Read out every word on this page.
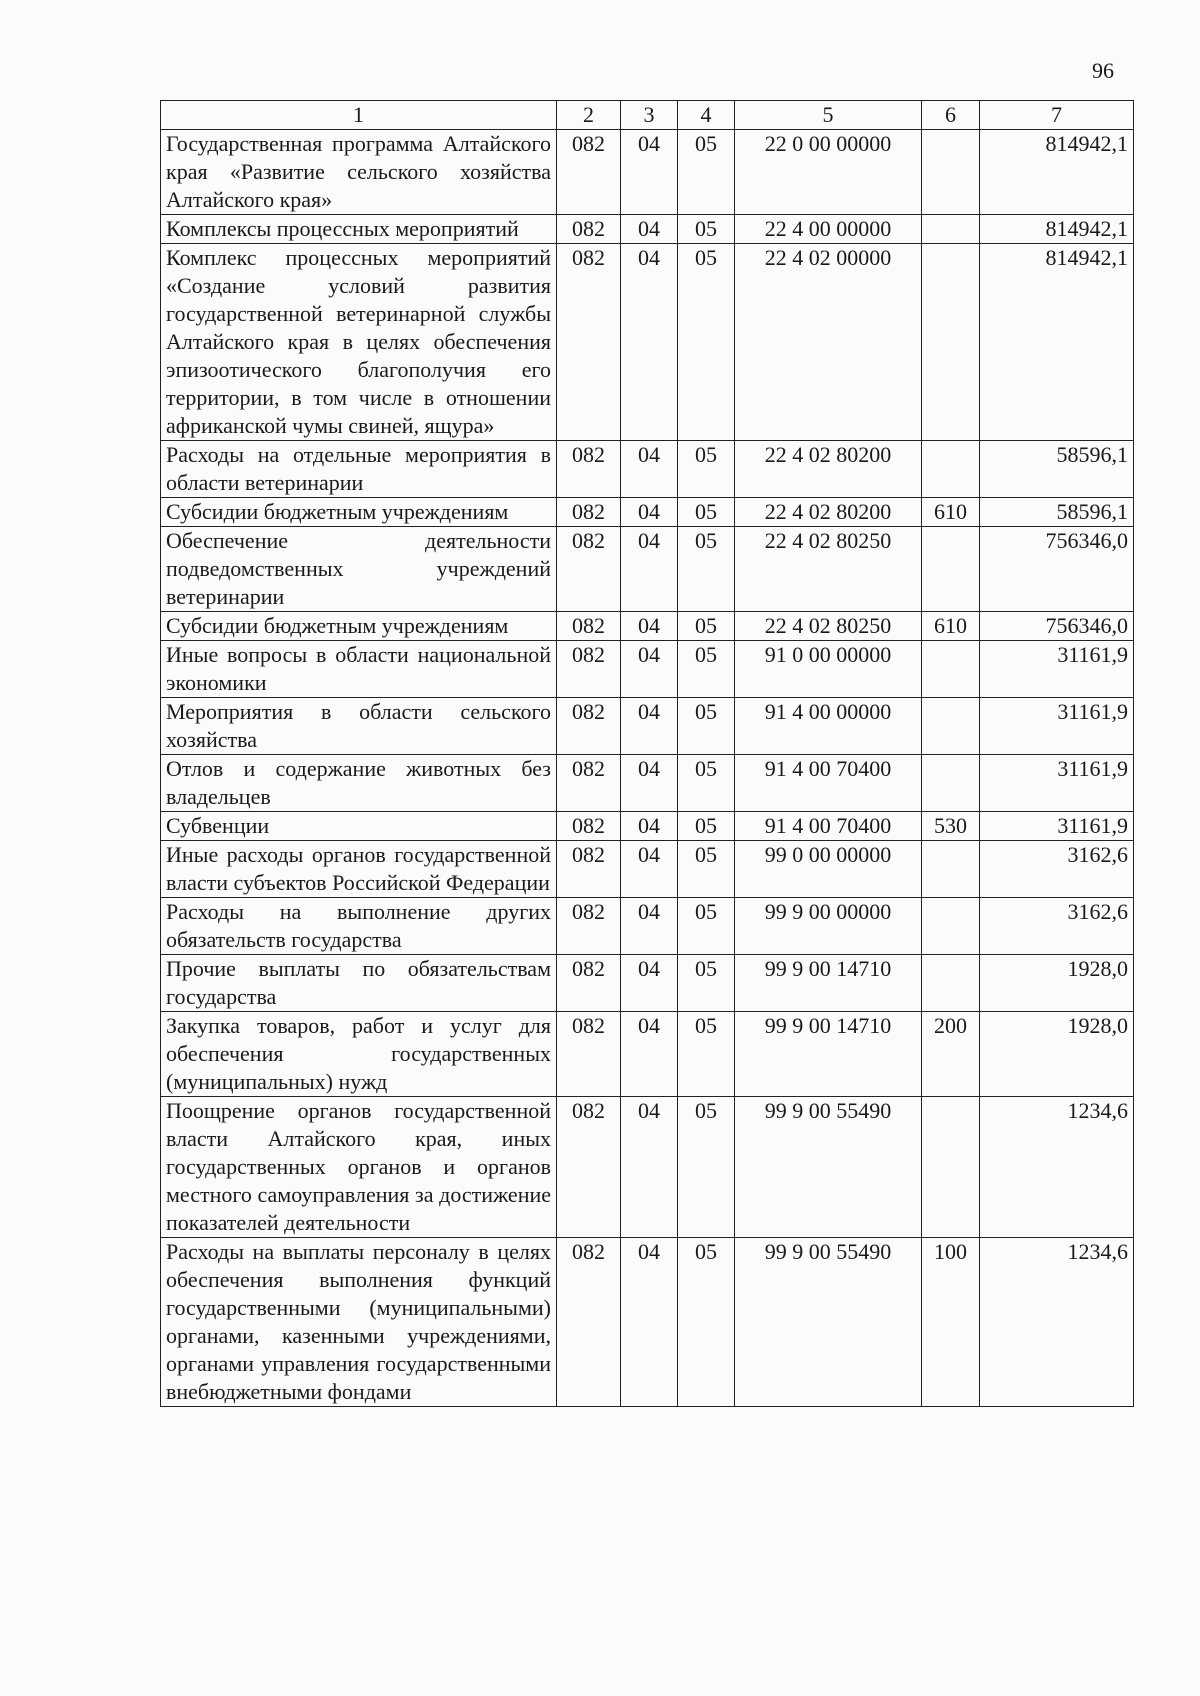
96
1	2	3	4	5	6	7
Государственная программа Алтайского края «Развитие сельского хозяйства Алтайского края»	082	04	05	22 0 00 00000		814942,1
Комплексы процессных мероприятий	082	04	05	22 4 00 00000		814942,1
Комплекс процессных мероприятий «Создание условий развития государственной ветеринарной службы Алтайского края в целях обеспечения эпизоотического благополучия его территории, в том числе в отношении африканской чумы свиней, ящура»	082	04	05	22 4 02 00000		814942,1
Расходы на отдельные мероприятия в области ветеринарии	082	04	05	22 4 02 80200		58596,1
Субсидии бюджетным учреждениям	082	04	05	22 4 02 80200	610	58596,1
Обеспечение деятельности подведомственных учреждений ветеринарии	082	04	05	22 4 02 80250		756346,0
Субсидии бюджетным учреждениям	082	04	05	22 4 02 80250	610	756346,0
Иные вопросы в области национальной экономики	082	04	05	91 0 00 00000		31161,9
Мероприятия в области сельского хозяйства	082	04	05	91 4 00 00000		31161,9
Отлов и содержание животных без владельцев	082	04	05	91 4 00 70400		31161,9
Субвенции	082	04	05	91 4 00 70400	530	31161,9
Иные расходы органов государственной власти субъектов Российской Федерации	082	04	05	99 0 00 00000		3162,6
Расходы на выполнение других обязательств государства	082	04	05	99 9 00 00000		3162,6
Прочие выплаты по обязательствам государства	082	04	05	99 9 00 14710		1928,0
Закупка товаров, работ и услуг для обеспечения государственных (муниципальных) нужд	082	04	05	99 9 00 14710	200	1928,0
Поощрение органов государственной власти Алтайского края, иных государственных органов и органов местного самоуправления за достижение показателей деятельности	082	04	05	99 9 00 55490		1234,6
Расходы на выплаты персоналу в целях обеспечения выполнения функций государственными (муниципальными) органами, казенными учреждениями, органами управления государственными внебюджетными фондами	082	04	05	99 9 00 55490	100	1234,6
